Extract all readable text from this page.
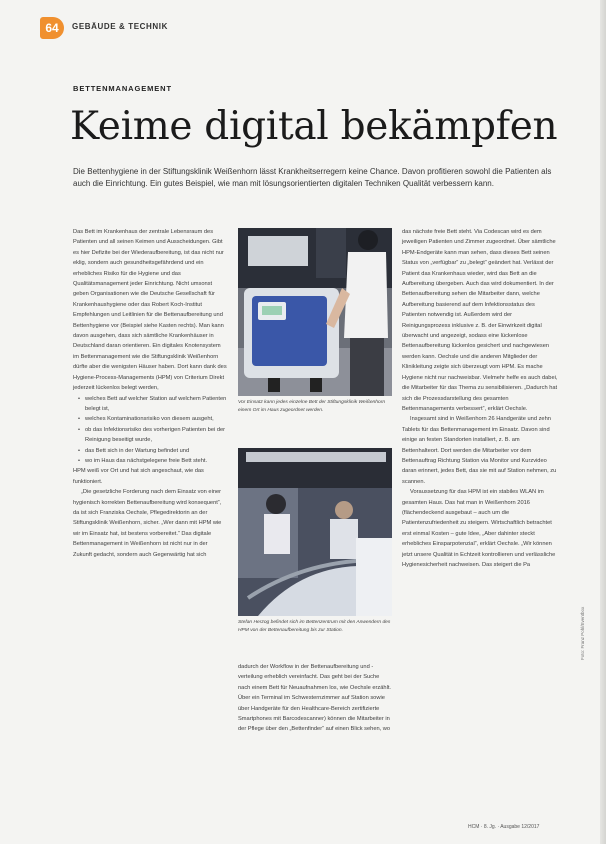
64	GEBÄUDE & TECHNIK
BETTENMANAGEMENT
Keime digital bekämpfen

Die Bettenhygiene in der Stiftungsklinik Weißenhorn lässt Krankheitserregern keine Chance. Davon profitieren sowohl die Patienten als auch die Einrichtung. Ein gutes Beispiel, wie man mit lösungsorientierten digitalen Techniken Qualität verbessern kann.

Das Bett im Krankenhaus der zentrale Lebensraum des Patienten und all seinen Keimen und Ausscheidungen. Gibt es hier Defizite bei der Wiederaufbereitung, ist das nicht nur eklig, sondern auch gesundheitsgefährdend und ein erhebliches Risiko für die Hygiene und das Qualitätsmanagement jeder Einrichtung. Nicht umsonst geben Organisationen wie die Deutsche Gesellschaft für Krankenhaushygiene oder das Robert Koch-Institut Empfehlungen und Leitlinien für die Bettenaufbereitung und Bettenhygiene vor (Beispiel siehe Kasten rechts). Man kann davon ausgehen, dass sich sämtliche Krankenhäuser in Deutschland daran orientieren. Ein digitales Knotensystem im Bettenmanagement wie die Stiftungsklinik Weißenhorn dürfte aber die wenigsten Häuser haben. Dort kann dank des Hygiene-Process-Managements (HPM) von Criterium Direkt jederzeit lückenlos belegt werden,

• welches Bett auf welcher Station auf welchem Patienten belegt ist,
• welches Kontaminationsrisiko von diesem ausgeht,
• ob das Infektionsrisiko des vorherigen Patienten bei der Reinigung beseitigt wurde,
• das Bett sich in der Wartung befindet und
• wo im Haus das nächstgelegene freie Bett steht.

HPM weiß vor Ort und hat sich angeschaut, wie das funktioniert.

„Die gesetzliche Forderung nach dem Einsatz von einer hygienisch korrekten Bettenaufbereitung wird konsequent“, da ist sich Franziska Oechsle, Pflegedirektorin an der Stiftungsklinik Weißenhorn, sicher. „Wer dann mit HPM wie wir im Einsatz hat, ist bestens vorbereitet.“ Das digitale Bettenmanagement in Weißenhorn ist nicht nur in der Zukunft gedacht, sondern auch Gegenwärtig hat sich

Vor Einsatz kann jedes einzelne Bett der Stiftungsklinik Weißenhorn einem Ort im Haus zugeordnet werden.

Stefan Herzog befindet sich im Bettenzentrum mit den Anwendern des HPM von der Bettenaufbereitung bis zur Station.

dadurch der Workflow in der Bettenaufbereitung und -verteilung erheblich vereinfacht. Das geht bei der Suche nach einem Bett für Neuaufnahmen los, wie Oechsle erzählt. Über ein Terminal im Schwesternzimmer auf Station sowie über Handgeräte für den Healthcare-Bereich zertifizierte Smartphones mit Barcodescanner) können die Mitarbeiter in der Pflege über den „Bettenfinder“ auf einen Blick sehen, wo

das nächste freie Bett steht. Via Codescan wird es dem jeweiligen Patienten und Zimmer zugeordnet. Über sämtliche HPM-Endgeräte kann man sehen, dass dieses Bett seinen Status von „verfügbar“ zu „belegt“ geändert hat. Verlässt der Patient das Krankenhaus wieder, wird das Bett an die Aufbereitung übergeben. Auch das wird dokumentiert. In der Bettenaufbereitung sehen die Mitarbeiter dann, welche Aufbereitung basierend auf dem Infektionsstatus des Patienten notwendig ist. Außerdem wird der Reinigungsprozess inklusive z. B. der Einwirkzeit digital überwacht und angezeigt, sodass eine lückenlose Bettenaufbereitung lückenlos gesichert und nachgewiesen werden kann. Oechsle und die anderen Mitglieder der Klinikleitung zeigte sich überzeugt vom HPM. Es mache Hygiene nicht nur nachweisbar. Vielmehr helfe es auch dabei, die Mitarbeiter für das Thema zu sensibilisieren. „Dadurch hat sich die Prozessdarstellung des gesamten Bettenmanagements verbessert“, erklärt Oechsle.

Insgesamt sind in Weißenhorn 26 Handgeräte und zehn Tablets für das Bettenmanagement im Einsatz. Davon sind einige an festen Standorten installiert, z. B. am Bettenhalteort. Dort werden die Mitarbeiter vor dem Bettenauftrag Richtung Station via Monitor und Kurzvideo daran erinnert, jedes Bett, das sie mit auf Station nehmen, zu scannen.

Voraussetzung für das HPM ist ein stabiles WLAN im gesamten Haus. Das hat man in Weißenhorn 2016 (flächendeckend ausgebaut – auch um die Patientenzufriedenheit zu steigern. Wirtschaftlich betrachtet erst einmal Kosten – gute Idee, „Aber dahinter steckt erhebliches Einsparpotenzial“, erklärt Oechsle. „Wir können jetzt unsere Qualität in Echtzeit kontrollieren und verlässliche Hygienesicherheit nachweisen. Das steigert die Pa

Foto: Franz Pohl/Eventbox
HCM · 8. Jg. · Ausgabe 12/2017
